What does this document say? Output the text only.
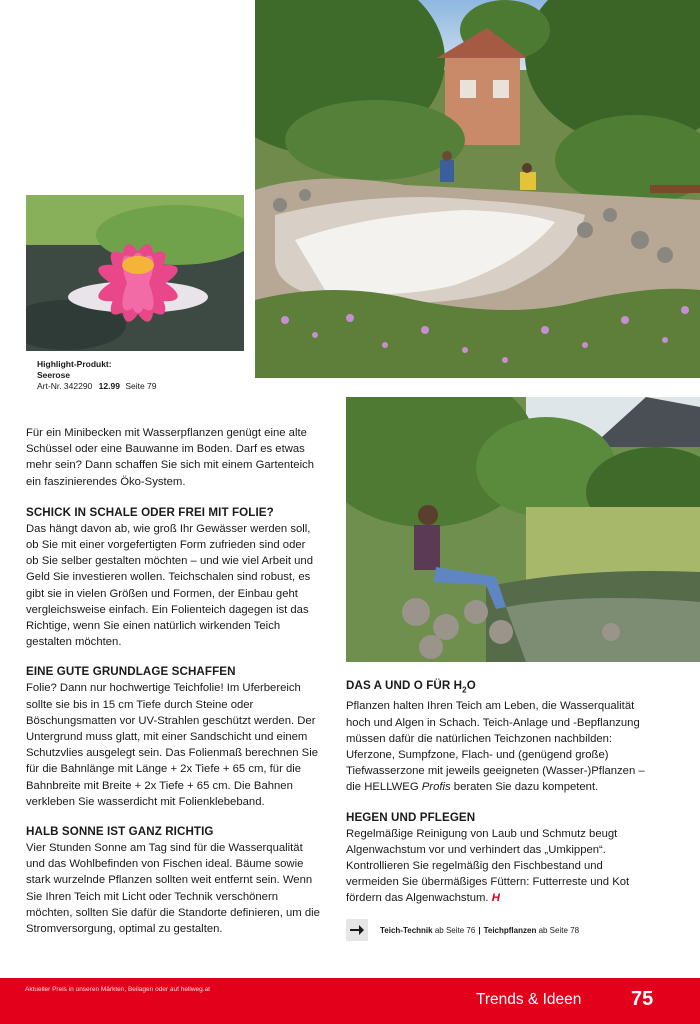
Highlight-Produkt:
Seerose
Art-Nr. 342290 12.99 Seite 79

Für ein Minibecken mit Wasserpflanzen genügt eine alte Schüssel oder eine Bauwanne im Boden. Darf es etwas mehr sein? Dann schaffen Sie sich mit einem Gartenteich ein faszinierendes Öko-System.

SCHICK IN SCHALE ODER FREI MIT FOLIE?

Das hängt davon ab, wie groß Ihr Gewässer werden soll, ob Sie mit einer vorgefertigten Form zufrieden sind oder ob Sie selber gestalten möchten – und wie viel Arbeit und Geld Sie investieren wollen. Teichschalen sind robust, es gibt sie in vielen Größen und Formen, der Einbau geht vergleichsweise einfach. Ein Folienteich dagegen ist das Richtige, wenn Sie einen natürlich wirkenden Teich gestalten möchten.

EINE GUTE GRUNDLAGE SCHAFFEN

Folie? Dann nur hochwertige Teichfolie! Im Uferbereich sollte sie bis in 15 cm Tiefe durch Steine oder Böschungsmatten vor UV-Strahlen geschützt werden. Der Untergrund muss glatt, mit einer Sandschicht und einem Schutzvlies ausgelegt sein. Das Folienmaß berechnen Sie für die Bahnlänge mit Länge + 2x Tiefe + 65 cm, für die Bahnbreite mit Breite + 2x Tiefe + 65 cm. Die Bahnen verkleben Sie wasserdicht mit Folienklebeband.

HALB SONNE IST GANZ RICHTIG

Vier Stunden Sonne am Tag sind für die Wasserqualität und das Wohlbefinden von Fischen ideal. Bäume sowie stark wurzelnde Pflanzen sollten weit entfernt sein. Wenn Sie Ihren Teich mit Licht oder Technik verschönern möchten, sollten Sie dafür die Standorte definieren, um die Stromversorgung, optimal zu gestalten.

DAS A UND O FÜR $H_2O$

Pflanzen halten Ihren Teich am Leben, die Wasserqualität hoch und Algen in Schach. Teich-Anlage und -Bepflanzung müssen dafür die natürlichen Teichzonen nachbilden: Uferzone, Sumpfzone, Flach- und (genügend große) Tiefwasserzone mit jeweils geeigneten (Wasser-)Pflanzen – die HELLWEG Profis beraten Sie dazu kompetent.

HEGEN UND PFLEGEN

Regelmäßige Reinigung von Laub und Schmutz beugt Algenwachstum vor und verhindert das „Umkippen“. Kontrollieren Sie regelmäßig den Fischbestand und vermeiden Sie übermäßiges Füttern: Futterreste und Kot fördern das Algenwachstum. H

Teich-Technik ab Seite 76 | Teichpflanzen ab Seite 78
Aktueller Preis in unseren Märkten, Beilagen oder auf hellweg.at
Trends & Ideen 75
